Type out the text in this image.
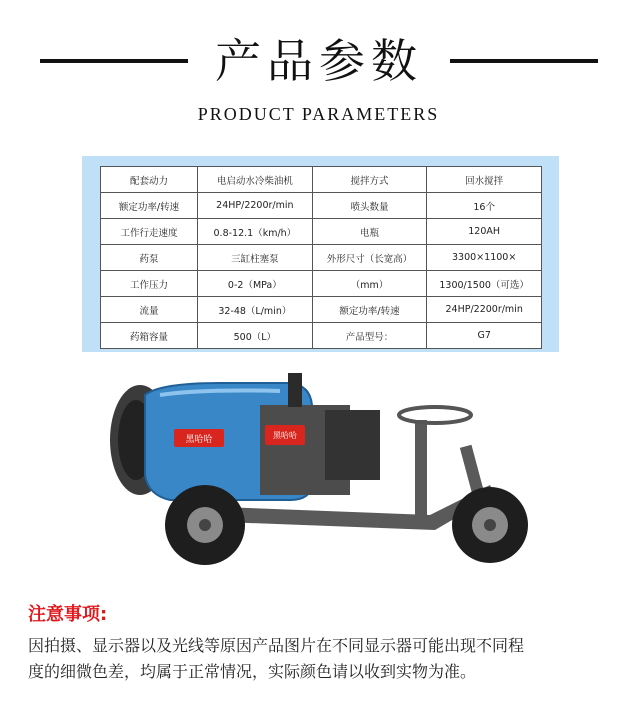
产品参数
PRODUCT PARAMETERS
配套动力	电启动水冷柴油机	搅拌方式	回水搅拌
额定功率/转速	24HP/2200r/min	喷头数量	16个
工作行走速度	0.8-12.1（km/h）	电瓶	120AH
药泵	三缸柱塞泵	外形尺寸（长宽高）	3300×1100×
工作压力	0-2（MPa）	（mm）	1300/1500（可选）
流量	32-48（L/min）	额定功率/转速	24HP/2200r/min
药箱容量	500（L）	产品型号：	G7
黑哈哈	黑哈哈
注意事项:
因拍摄、显示器以及光线等原因产品图片在不同显示器可能出现不同程
度的细微色差，均属于正常情况，实际颜色请以收到实物为准。
